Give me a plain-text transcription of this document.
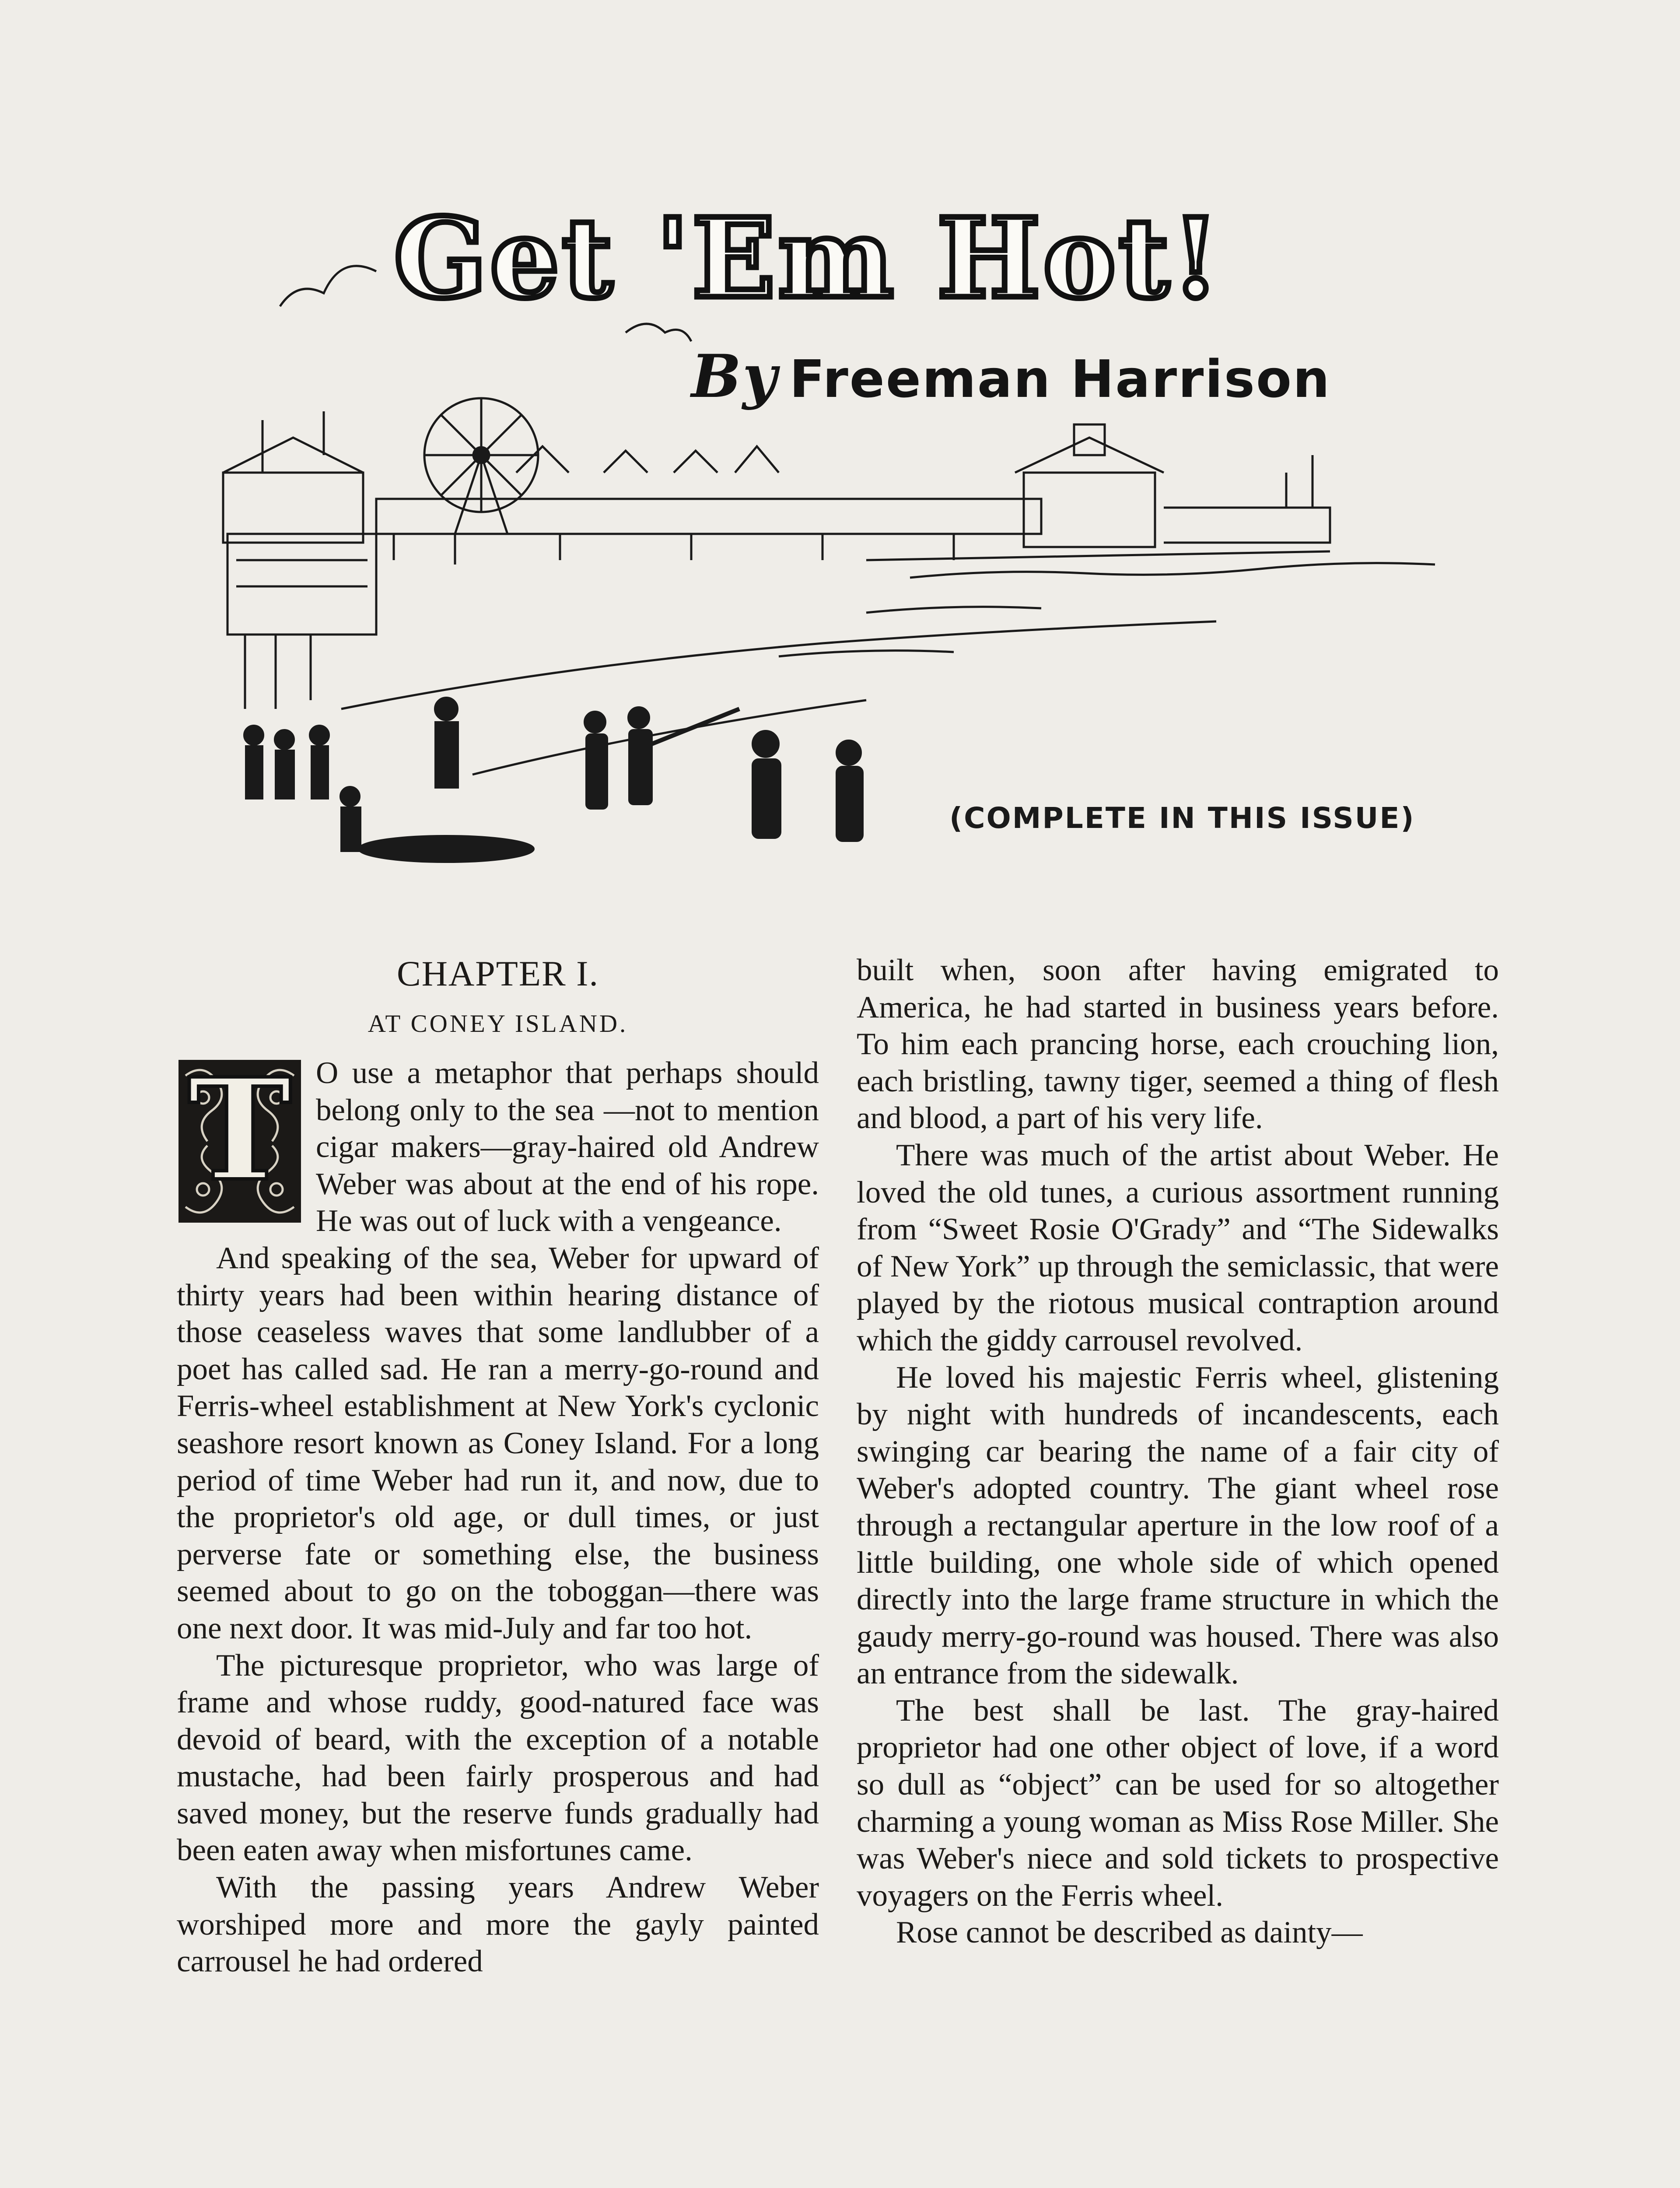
Get 'Em Hot!
By Freeman Harrison
(COMPLETE IN THIS ISSUE)
CHAPTER I.
AT CONEY ISLAND.

T O use a metaphor that perhaps should belong only to the sea —not to mention cigar makers—gray-haired old Andrew Weber was about at the end of his rope. He was out of luck with a vengeance.

And speaking of the sea, Weber for upward of thirty years had been within hearing distance of those ceaseless waves that some landlubber of a poet has called sad. He ran a merry-go-round and Ferris-wheel establishment at New York's cyclonic seashore resort known as Coney Island. For a long period of time Weber had run it, and now, due to the proprietor's old age, or dull times, or just perverse fate or something else, the business seemed about to go on the toboggan—there was one next door. It was mid-July and far too hot.

The picturesque proprietor, who was large of frame and whose ruddy, good-natured face was devoid of beard, with the exception of a notable mustache, had been fairly prosperous and had saved money, but the reserve funds gradually had been eaten away when misfortunes came.

With the passing years Andrew Weber worshiped more and more the gayly painted carrousel he had ordered

built when, soon after having emigrated to America, he had started in business years before. To him each prancing horse, each crouching lion, each bristling, tawny tiger, seemed a thing of flesh and blood, a part of his very life.

There was much of the artist about Weber. He loved the old tunes, a curious assortment running from “Sweet Rosie O'Grady” and “The Sidewalks of New York” up through the semiclassic, that were played by the riotous musical contraption around which the giddy carrousel revolved.

He loved his majestic Ferris wheel, glistening by night with hundreds of incandescents, each swinging car bearing the name of a fair city of Weber's adopted country. The giant wheel rose through a rectangular aperture in the low roof of a little building, one whole side of which opened directly into the large frame structure in which the gaudy merry-go-round was housed. There was also an entrance from the sidewalk.

The best shall be last. The gray-haired proprietor had one other object of love, if a word so dull as “object” can be used for so altogether charming a young woman as Miss Rose Miller. She was Weber's niece and sold tickets to prospective voyagers on the Ferris wheel.

Rose cannot be described as dainty—
